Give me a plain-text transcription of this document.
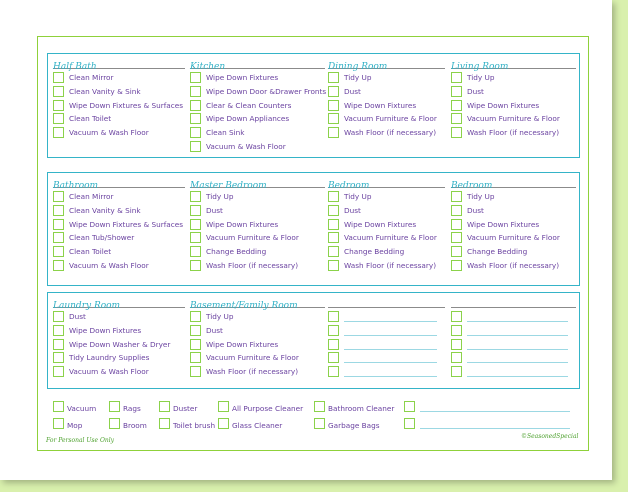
Half Bath
Clean Mirror
Clean Vanity & Sink
Wipe Down Fixtures & Surfaces
Clean Toilet
Vacuum & Wash Floor
Kitchen
Wipe Down Fixtures
Wipe Down Door &Drawer Fronts
Clear & Clean Counters
Wipe Down Appliances
Clean Sink
Vacuum & Wash Floor
Dining Room
Tidy Up
Dust
Wipe Down Fixtures
Vacuum Furniture & Floor
Wash Floor (if necessary)
Living Room
Tidy Up
Dust
Wipe Down Fixtures
Vacuum Furniture & Floor
Wash Floor (if necessary)
Bathroom
Clean Mirror
Clean Vanity & Sink
Wipe Down Fixtures & Surfaces
Clean Tub/Shower
Clean Toilet
Vacuum & Wash Floor
Master Bedroom
Tidy Up
Dust
Wipe Down Fixtures
Vacuum Furniture & Floor
Change Bedding
Wash Floor (if necessary)
Bedroom
Tidy Up
Dust
Wipe Down Fixtures
Vacuum Furniture & Floor
Change Bedding
Wash Floor (if necessary)
Bedroom
Tidy Up
Dust
Wipe Down Fixtures
Vacuum Furniture & Floor
Change Bedding
Wash Floor (if necessary)
Laundry Room
Dust
Wipe Down Fixtures
Wipe Down Washer & Dryer
Tidy Laundry Supplies
Vacuum & Wash Floor
Basement/Family Room
Tidy Up
Dust
Wipe Down Fixtures
Vacuum Furniture & Floor
Wash Floor (if necessary)
Vacuum	Rags	Duster	All Purpose Cleaner	Bathroom Cleaner
Mop	Broom	Toilet brush Glass Cleaner	Garbage Bags
For Personal Use Only
©SeasonedSpecial
